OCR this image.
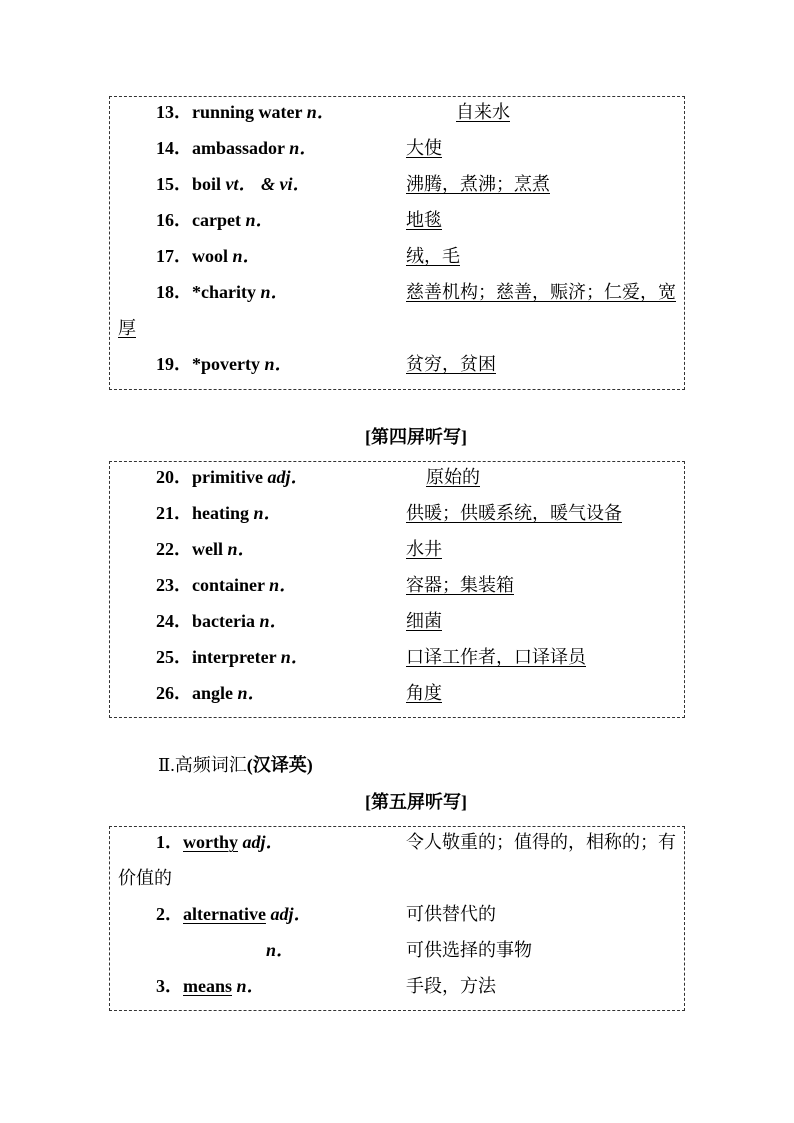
13．running water n．	自来水
14．ambassador n．	大使
15．boil vt． & vi．	沸腾，煮沸；烹煮
16．carpet n．	地毯
17．wool n．	绒，毛
18．*charity n．	慈善机构；慈善，赈济；仁爱，宽
厚
19．*poverty n．	贫穷，贫困
[第四屏听写]
20．primitive adj．	原始的
21．heating n．	供暖；供暖系统，暖气设备
22．well n．	水井
23．container n．	容器；集装箱
24．bacteria n．	细菌
25．interpreter n．	口译工作者，口译译员
26．angle n．	角度
Ⅱ.高频词汇(汉译英)
[第五屏听写]
1．worthy adj．	令人敬重的；值得的，相称的；有
价值的
2．alternative adj．	可供替代的
n．	可供选择的事物
3．means n．	手段，方法
